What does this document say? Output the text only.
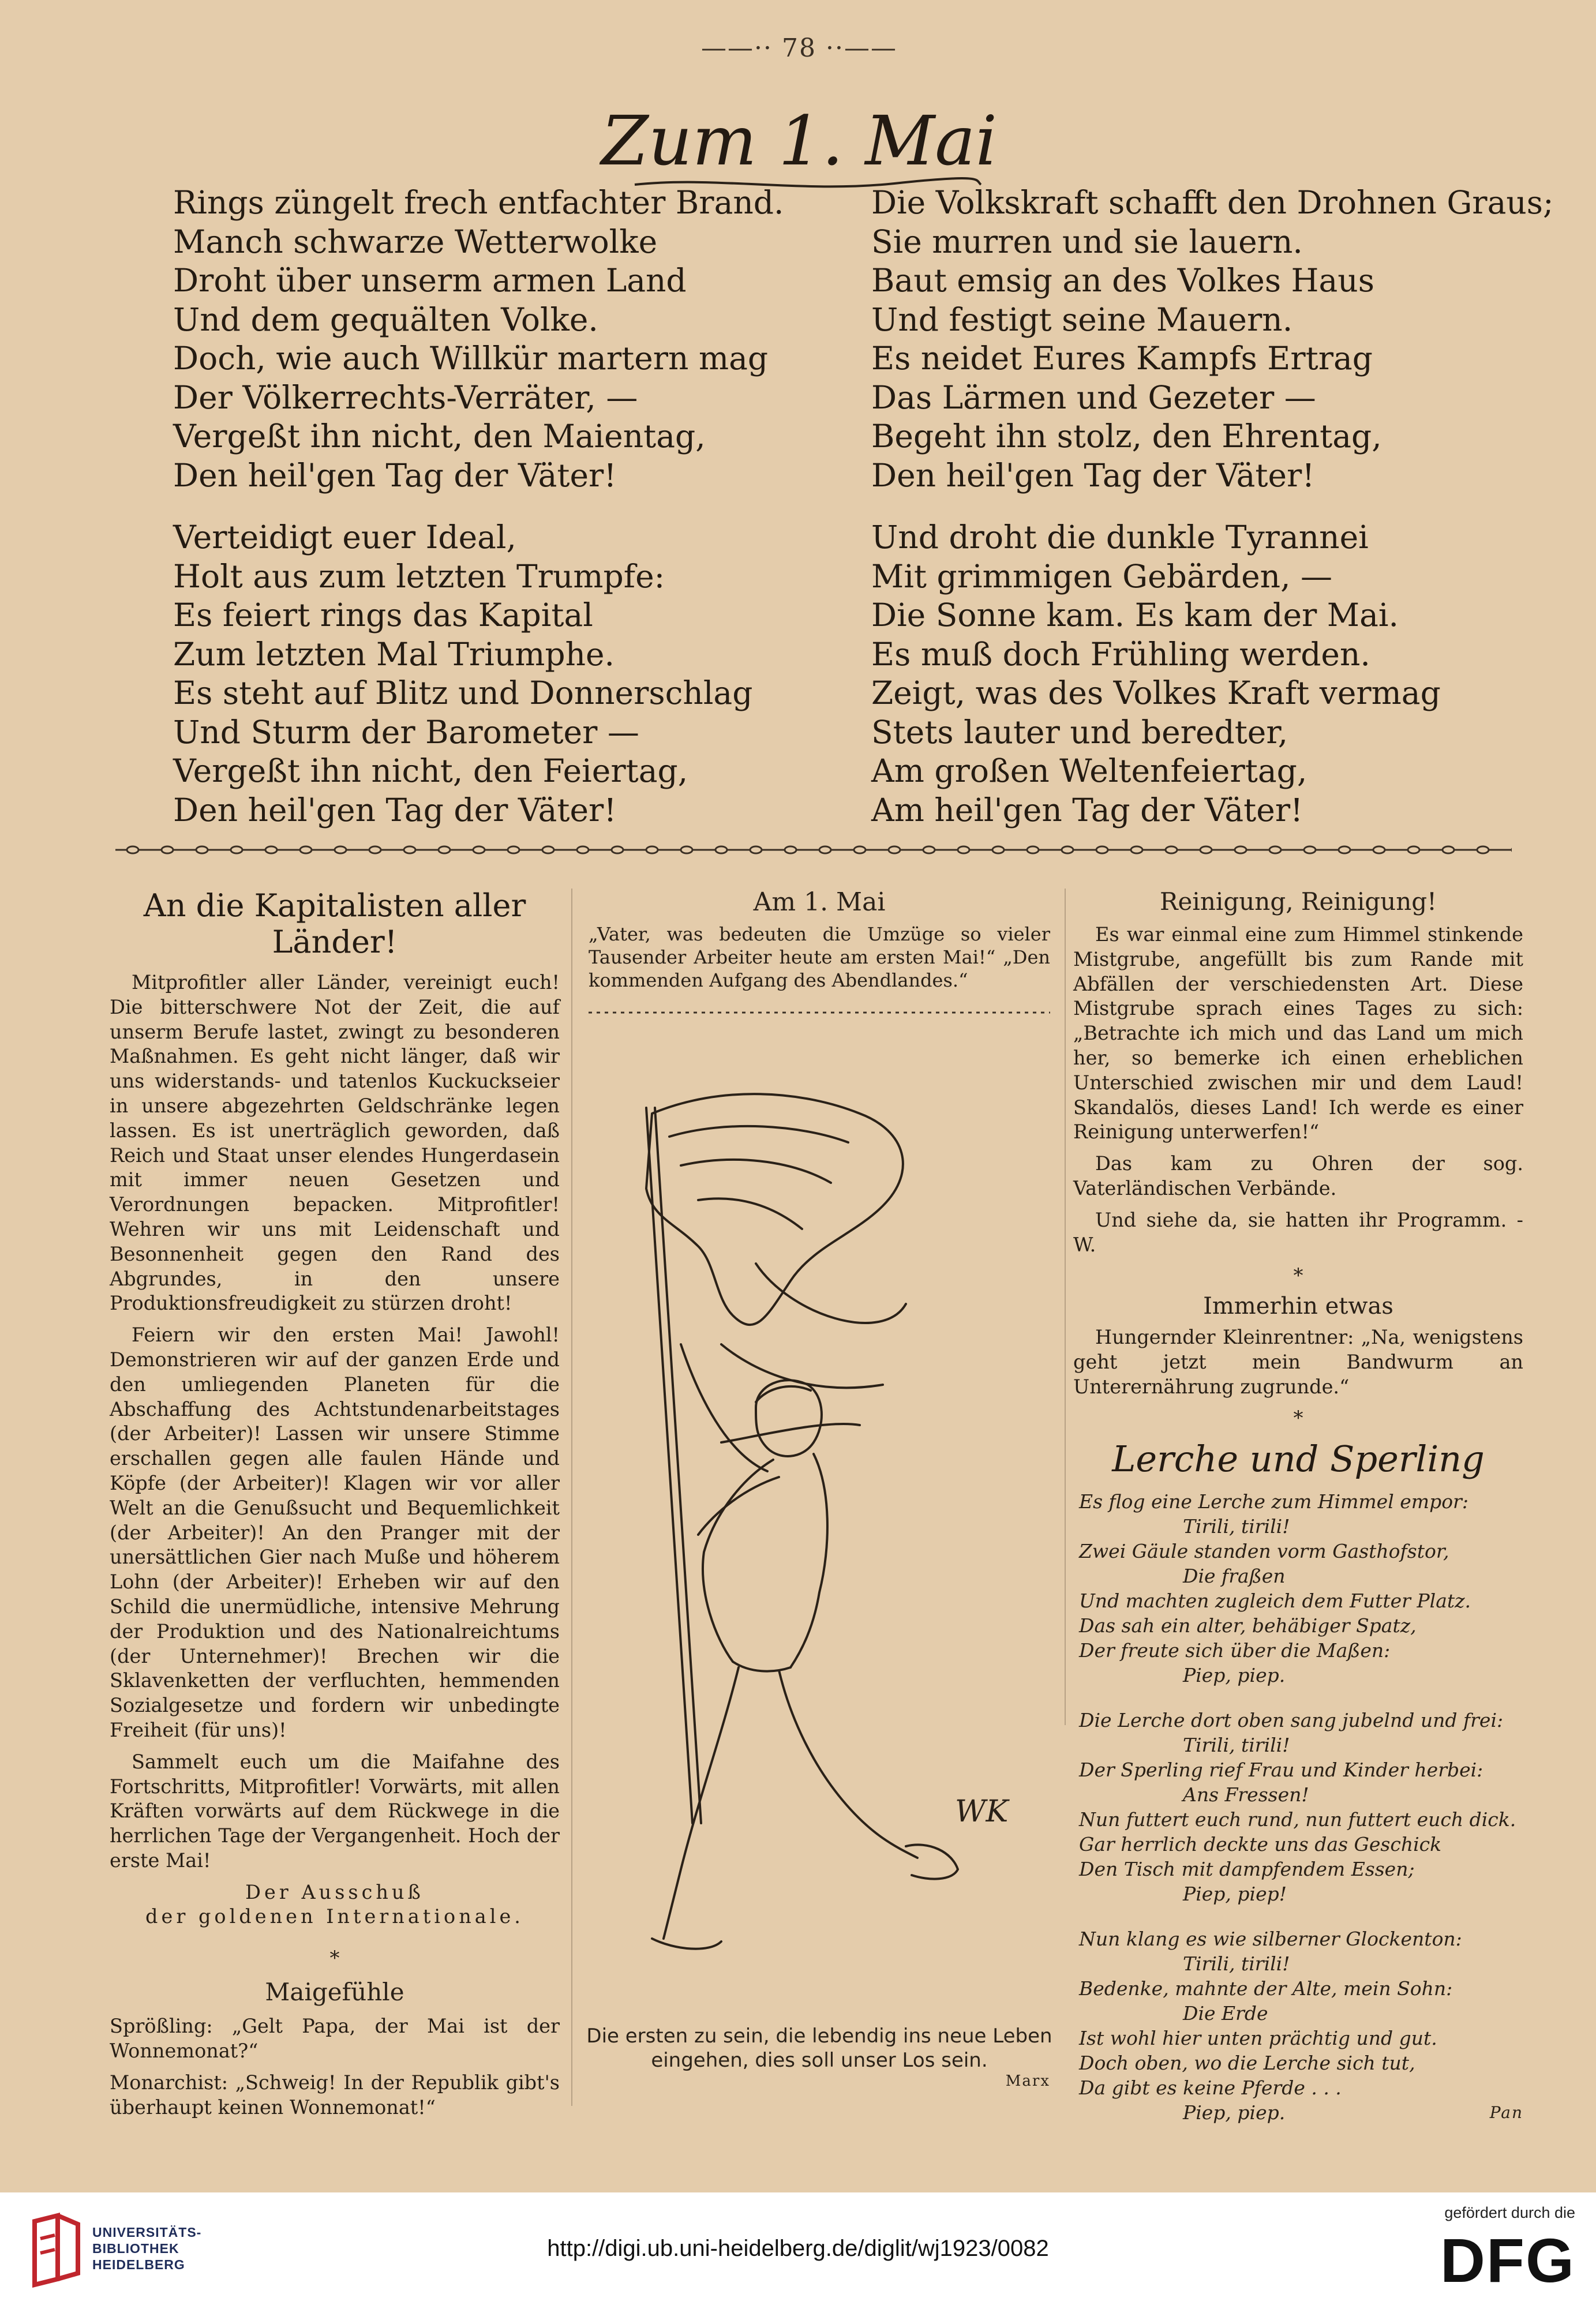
——·· 78 ··——
Zum 1. Mai
Rings züngelt frech entfachter Brand.
Manch schwarze Wetterwolke
Droht über unserm armen Land
Und dem gequälten Volke.
Doch, wie auch Willkür martern mag
Der Völkerrechts-Verräter, —
Vergeßt ihn nicht, den Maientag,
Den heil'gen Tag der Väter!
Verteidigt euer Ideal,
Holt aus zum letzten Trumpfe:
Es feiert rings das Kapital
Zum letzten Mal Triumphe.
Es steht auf Blitz und Donnerschlag
Und Sturm der Barometer —
Vergeßt ihn nicht, den Feiertag,
Den heil'gen Tag der Väter!
Die Volkskraft schafft den Drohnen Graus;
Sie murren und sie lauern.
Baut emsig an des Volkes Haus
Und festigt seine Mauern.
Es neidet Eures Kampfs Ertrag
Das Lärmen und Gezeter —
Begeht ihn stolz, den Ehrentag,
Den heil'gen Tag der Väter!
Und droht die dunkle Tyrannei
Mit grimmigen Gebärden, —
Die Sonne kam. Es kam der Mai.
Es muß doch Frühling werden.
Zeigt, was des Volkes Kraft vermag
Stets lauter und beredter,
Am großen Weltenfeiertag,
Am heil'gen Tag der Väter!
An die Kapitalisten aller Länder!

Mitprofitler aller Länder, vereinigt euch! Die bitterschwere Not der Zeit, die auf unserm Berufe lastet, zwingt zu besonderen Maßnahmen. Es geht nicht länger, daß wir uns widerstands- und tatenlos Kuckuckseier in unsere abgezehrten Geldschränke legen lassen. Es ist unerträglich geworden, daß Reich und Staat unser elendes Hungerdasein mit immer neuen Gesetzen und Verordnungen bepacken. Mitprofitler! Wehren wir uns mit Leidenschaft und Besonnenheit gegen den Rand des Abgrundes, in den unsere Produktionsfreudigkeit zu stürzen droht!

Feiern wir den ersten Mai! Jawohl! Demonstrieren wir auf der ganzen Erde und den umliegenden Planeten für die Abschaffung des Achtstundenarbeitstages (der Arbeiter)! Lassen wir unsere Stimme erschallen gegen alle faulen Hände und Köpfe (der Arbeiter)! Klagen wir vor aller Welt an die Genußsucht und Bequemlichkeit (der Arbeiter)! An den Pranger mit der unersättlichen Gier nach Muße und höherem Lohn (der Arbeiter)! Erheben wir auf den Schild die unermüdliche, intensive Mehrung der Produktion und des Nationalreichtums (der Unternehmer)! Brechen wir die Sklavenketten der verfluchten, hemmenden Sozialgesetze und fordern wir unbedingte Freiheit (für uns)!

Sammelt euch um die Maifahne des Fortschritts, Mitprofitler! Vorwärts, mit allen Kräften vorwärts auf dem Rückwege in die herrlichen Tage der Vergangenheit. Hoch der erste Mai!

Der Ausschuß
der goldenen Internationale.
*
Maigefühle

Sprößling: „Gelt Papa, der Mai ist der Wonnemonat?“

Monarchist: „Schweig! In der Republik gibt's überhaupt keinen Wonnemonat!“

Am 1. Mai

„Vater, was bedeuten die Umzüge so vieler Tausender Arbeiter heute am ersten Mai!“ „Den kommenden Aufgang des Abendlandes.“

WK
Die ersten zu sein, die lebendig ins neue Leben eingehen, dies soll unser Los sein.
Marx
Reinigung, Reinigung!

Es war einmal eine zum Himmel stinkende Mistgrube, angefüllt bis zum Rande mit Abfällen der verschiedensten Art. Diese Mistgrube sprach eines Tages zu sich: „Betrachte ich mich und das Land um mich her, so bemerke ich einen erheblichen Unterschied zwischen mir und dem Laud! Skandalös, dieses Land! Ich werde es einer Reinigung unterwerfen!“

Das kam zu Ohren der sog. Vaterländischen Verbände.

Und siehe da, sie hatten ihr Programm. - W.

*
Immerhin etwas

Hungernder Kleinrentner: „Na, wenigstens geht jetzt mein Bandwurm an Unterernährung zugrunde.“

*
Lerche und Sperling
Es flog eine Lerche zum Himmel empor:
Tirili, tirili!
Zwei Gäule standen vorm Gasthofstor,
Die fraßen
Und machten zugleich dem Futter Platz.
Das sah ein alter, behäbiger Spatz,
Der freute sich über die Maßen:
Piep, piep.
Die Lerche dort oben sang jubelnd und frei:
Tirili, tirili!
Der Sperling rief Frau und Kinder herbei:
Ans Fressen!
Nun futtert euch rund, nun futtert euch dick.
Gar herrlich deckte uns das Geschick
Den Tisch mit dampfendem Essen;
Piep, piep!
Nun klang es wie silberner Glockenton:
Tirili, tirili!
Bedenke, mahnte der Alte, mein Sohn:
Die Erde
Ist wohl hier unten prächtig und gut.
Doch oben, wo die Lerche sich tut,
Da gibt es keine Pferde . . .
Piep, piep.	Pan
UNIVERSITÄTS-
BIBLIOTHEK
HEIDELBERG
http://digi.ub.uni-heidelberg.de/diglit/wj1923/0082
gefördert durch die
DFG
